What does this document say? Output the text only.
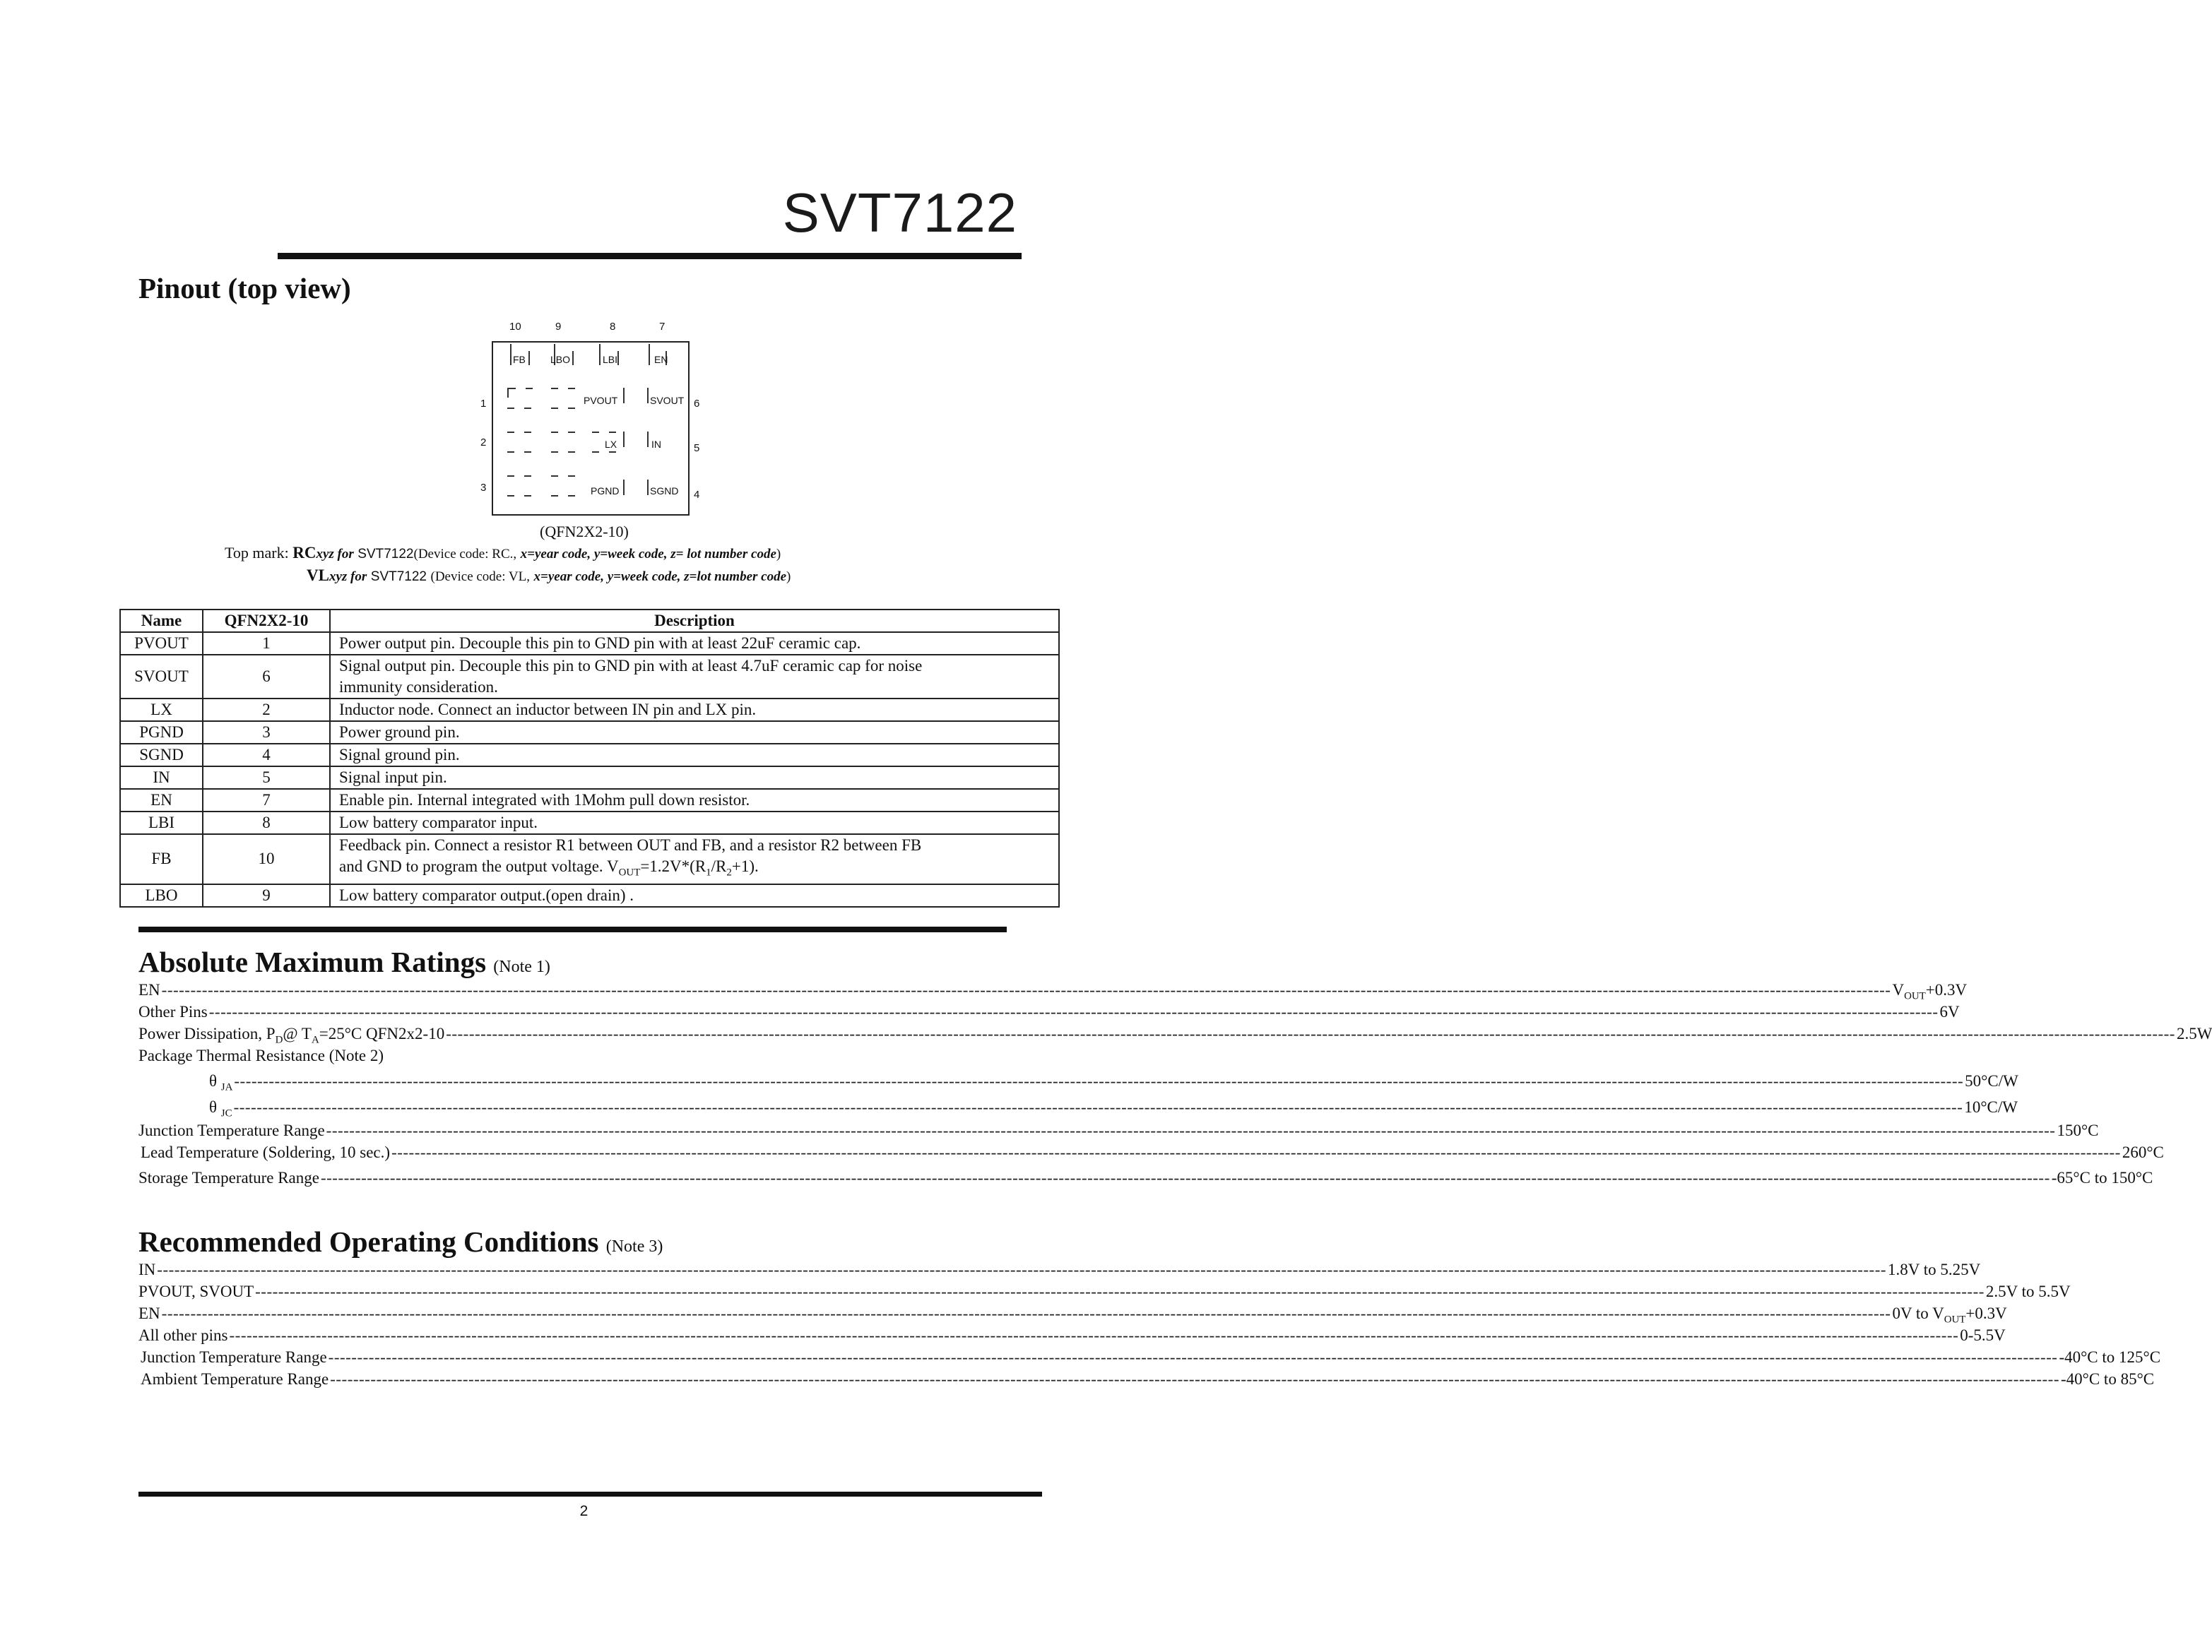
SVT7122
Pinout (top view)
10	9	8	7
1
2
3
6
5
4
FB	LBO	LBI	EN
PVOUT	SVOUT
LX	IN
PGND	SGND
(QFN2X2-10)
Top mark: RCxyz for SVT7122(Device code: RC., x=year code, y=week code, z= lot number code)
VLxyz for SVT7122 (Device code: VL, x=year code, y=week code, z=lot number code)
Name	QFN2X2-10	Description
PVOUT	1	Power output pin. Decouple this pin to GND pin with at least 22uF ceramic cap.
SVOUT	6	Signal output pin. Decouple this pin to GND pin with at least 4.7uF ceramic cap for noise
immunity consideration.

LX	2	Inductor node. Connect an inductor between IN pin and LX pin.
PGND	3	Power ground pin.
SGND	4	Signal ground pin.
IN	5	Signal input pin.
EN	7	Enable pin. Internal integrated with 1Mohm pull down resistor.
LBI	8	Low battery comparator input.
FB	10	Feedback pin. Connect a resistor R1 between OUT and FB, and a resistor R2 between FB
and GND to program the output voltage. $V_{OUT}=1.2V*(R_1/R_2+1)$.

LBO	9	Low battery comparator output.(open drain) .
Absolute Maximum Ratings (Note 1)
EN ------------------------------------------------------------------------------------------------------------------------------------------------------------------------------------------------------------------------------------------------------------------------------------------------------------ $V_{OUT}+0.3V$
Other Pins ------------------------------------------------------------------------------------------------------------------------------------------------------------------------------------------------------------------------------------------------------------------------------------------------------------ 6V
Power Dissipation, $P_D@$ $T_A=25^\circ C$ QFN2x2-10 ------------------------------------------------------------------------------------------------------------------------------------------------------------------------------------------------------------------------------------------------------------------------------------------------------------ 2.5W
Package Thermal Resistance (Note 2)
θ $_{JA}$ ------------------------------------------------------------------------------------------------------------------------------------------------------------------------------------------------------------------------------------------------------------------------------------------------------------ 50°C/W
θ $_{JC}$ ------------------------------------------------------------------------------------------------------------------------------------------------------------------------------------------------------------------------------------------------------------------------------------------------------------ 10°C/W
Junction Temperature Range ------------------------------------------------------------------------------------------------------------------------------------------------------------------------------------------------------------------------------------------------------------------------------------------------------------ 150°C
Lead Temperature (Soldering, 10 sec.) ------------------------------------------------------------------------------------------------------------------------------------------------------------------------------------------------------------------------------------------------------------------------------------------------------------ 260°C
Storage Temperature Range ------------------------------------------------------------------------------------------------------------------------------------------------------------------------------------------------------------------------------------------------------------------------------------------------------------ -65°C to 150°C
Recommended Operating Conditions (Note 3)
IN ------------------------------------------------------------------------------------------------------------------------------------------------------------------------------------------------------------------------------------------------------------------------------------------------------------ 1.8V to 5.25V
PVOUT, SVOUT ------------------------------------------------------------------------------------------------------------------------------------------------------------------------------------------------------------------------------------------------------------------------------------------------------------ 2.5V to 5.5V
EN ------------------------------------------------------------------------------------------------------------------------------------------------------------------------------------------------------------------------------------------------------------------------------------------------------------ 0V to $V_{OUT}+0.3V$
All other pins ------------------------------------------------------------------------------------------------------------------------------------------------------------------------------------------------------------------------------------------------------------------------------------------------------------ 0-5.5V
Junction Temperature Range ------------------------------------------------------------------------------------------------------------------------------------------------------------------------------------------------------------------------------------------------------------------------------------------------------------ -40°C to 125°C
Ambient Temperature Range ------------------------------------------------------------------------------------------------------------------------------------------------------------------------------------------------------------------------------------------------------------------------------------------------------------ -40°C to 85°C
2
